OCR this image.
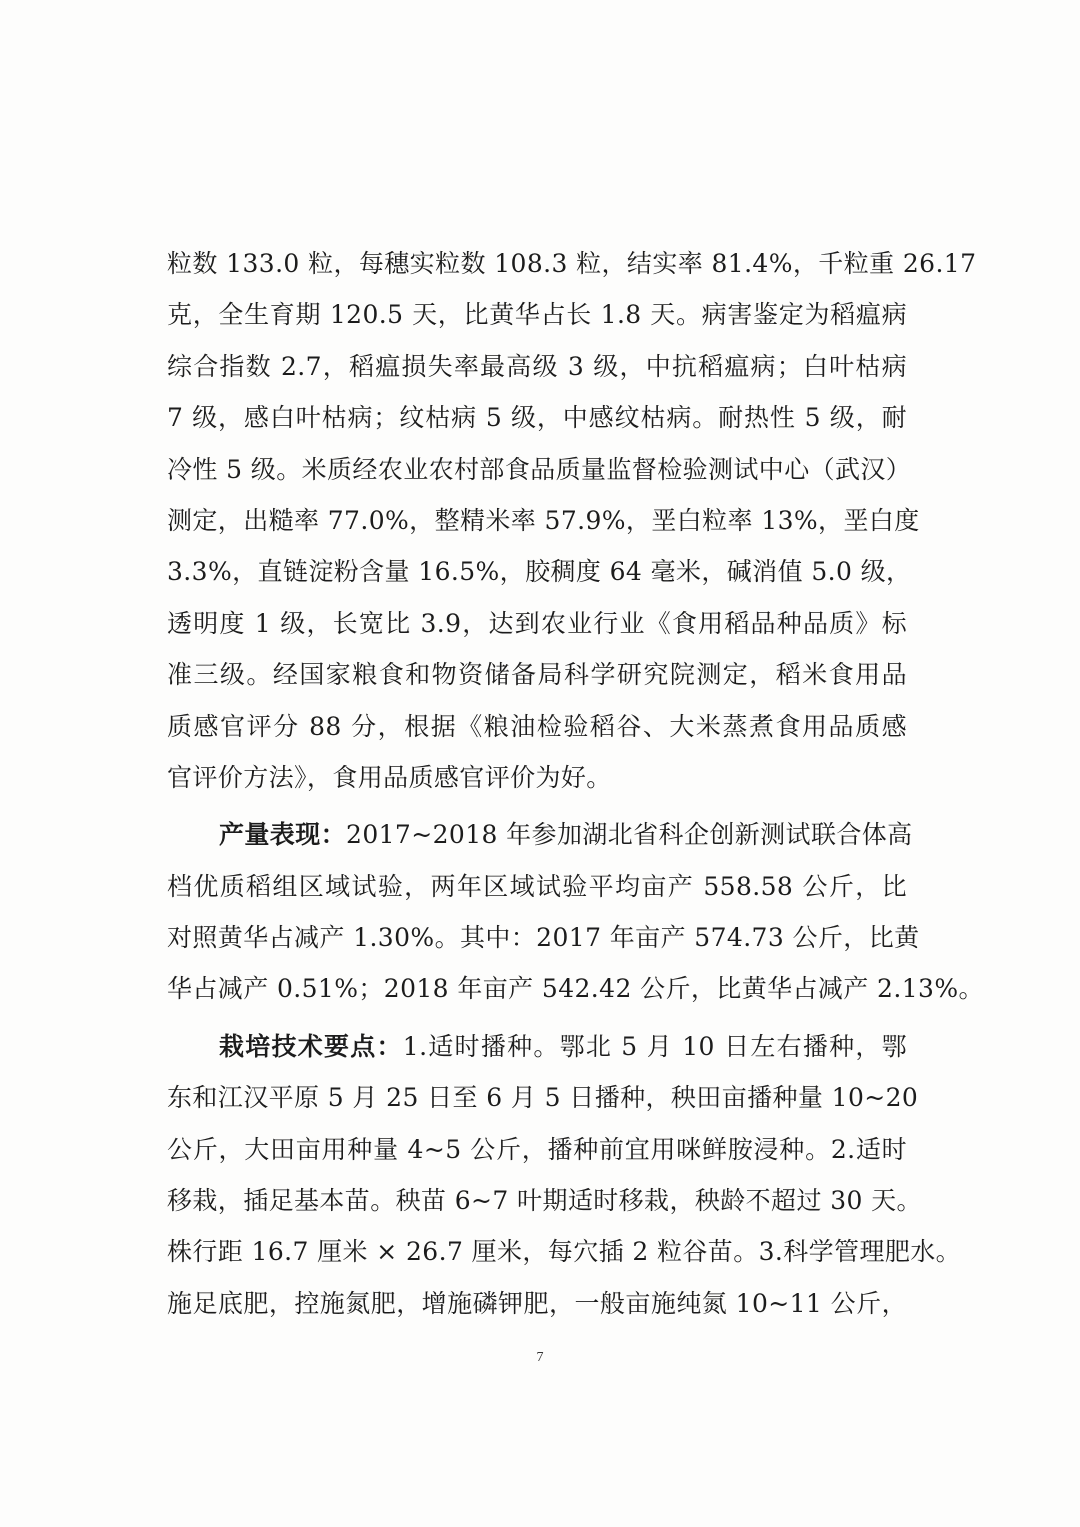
粒数 133.0 粒，每穗实粒数 108.3 粒，结实率 81.4%，千粒重 26.17
克，全生育期 120.5 天，比黄华占长 1.8 天。病害鉴定为稻瘟病
综合指数 2.7，稻瘟损失率最高级 3 级，中抗稻瘟病；白叶枯病
7 级，感白叶枯病；纹枯病 5 级，中感纹枯病。耐热性 5 级，耐
冷性 5 级。米质经农业农村部食品质量监督检验测试中心（武汉）
测定，出糙率 77.0%，整精米率 57.9%，垩白粒率 13%，垩白度
3.3%，直链淀粉含量 16.5%，胶稠度 64 毫米，碱消值 5.0 级，
透明度 1 级，长宽比 3.9，达到农业行业《食用稻品种品质》标
准三级。经国家粮食和物资储备局科学研究院测定，稻米食用品
质感官评分 88 分，根据《粮油检验稻谷、大米蒸煮食用品质感
官评价方法》，食用品质感官评价为好。
产量表现：2017~2018 年参加湖北省科企创新测试联合体高
档优质稻组区域试验，两年区域试验平均亩产 558.58 公斤，比
对照黄华占减产 1.30%。其中：2017 年亩产 574.73 公斤，比黄
华占减产 0.51%；2018 年亩产 542.42 公斤，比黄华占减产 2.13%。
栽培技术要点：1.适时播种。鄂北 5 月 10 日左右播种，鄂
东和江汉平原 5 月 25 日至 6 月 5 日播种，秧田亩播种量 10~20
公斤，大田亩用种量 4~5 公斤，播种前宜用咪鲜胺浸种。2.适时
移栽，插足基本苗。秧苗 6~7 叶期适时移栽，秧龄不超过 30 天。
株行距 16.7 厘米 × 26.7 厘米，每穴插 2 粒谷苗。3.科学管理肥水。
施足底肥，控施氮肥，增施磷钾肥，一般亩施纯氮 10~11 公斤，
7
